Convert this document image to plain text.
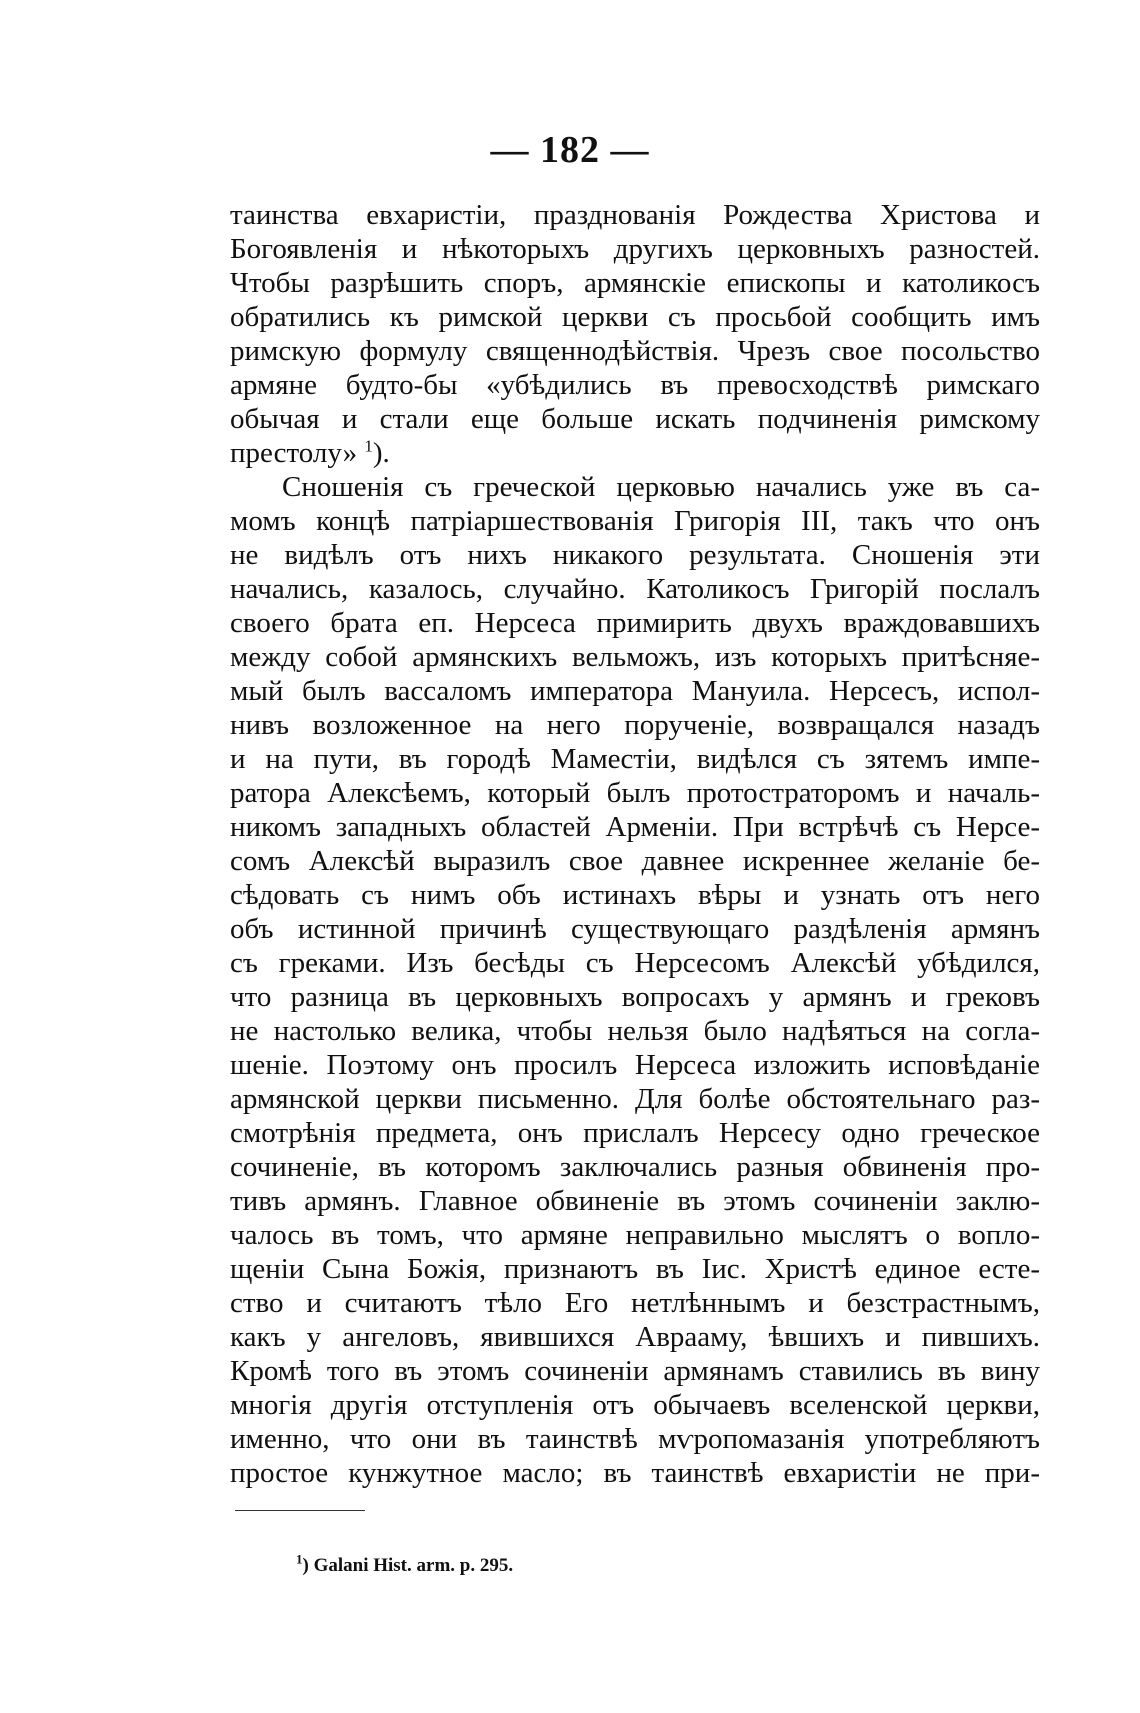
— 182 —
таинства евхаристіи, празднованія Рождества Христова и
Богоявленія и нѣкоторыхъ другихъ церковныхъ разностей.
Чтобы разрѣшить споръ, армянскіе епископы и католикосъ
обратились къ римской церкви съ просьбой сообщить имъ
римскую формулу священнодѣйствія. Чрезъ свое посольство
армяне будто-бы «убѣдились въ превосходствѣ римскаго
обычая и стали еще больше искать подчиненія римскому
престолу» $^1$).
Сношенія съ греческой церковью начались уже въ са-
момъ концѣ патріаршествованія Григорія III, такъ что онъ
не видѣлъ отъ нихъ никакого результата. Сношенія эти
начались, казалось, случайно. Католикосъ Григорій послалъ
своего брата еп. Нерсеса примирить двухъ враждовавшихъ
между собой армянскихъ вельможъ, изъ которыхъ притѣсняе-
мый былъ вассаломъ императора Мануила. Нерсесъ, испол-
нивъ возложенное на него порученіе, возвращался назадъ
и на пути, въ городѣ Мамеcтіи, видѣлся съ зятемъ импе-
ратора Алексѣемъ, который былъ протостраторомъ и началь-
никомъ западныхъ областей Арменіи. При встрѣчѣ съ Нерсе-
сомъ Алексѣй выразилъ свое давнее искреннее желаніе бе-
сѣдовать съ нимъ объ истинахъ вѣры и узнать отъ него
объ истинной причинѣ существующаго раздѣленія армянъ
съ греками. Изъ бесѣды съ Нерсесомъ Алексѣй убѣдился,
что разница въ церковныхъ вопросахъ у армянъ и грековъ
не настолько велика, чтобы нельзя было надѣяться на согла-
шеніе. Поэтому онъ просилъ Нерсеса изложить исповѣданіе
армянской церкви письменно. Для болѣе обстоятельнаго раз-
смотрѣнія предмета, онъ прислалъ Нерсесу одно греческое
сочиненіе, въ которомъ заключались разныя обвиненія про-
тивъ армянъ. Главное обвиненіе въ этомъ сочиненіи заклю-
чалось въ томъ, что армяне неправильно мыслятъ о вопло-
щеніи Сына Божія, признаютъ въ Іис. Христѣ единое есте-
ство и считаютъ тѣло Его нетлѣннымъ и безстрастнымъ,
какъ у ангеловъ, явившихся Аврааму, ѣвшихъ и пившихъ.
Кромѣ того въ этомъ сочиненіи армянамъ ставились въ вину
многія другія отступленія отъ обычаевъ вселенской церкви,
именно, что они въ таинствѣ мѵропомазанія употребляютъ
простое кунжутное масло; въ таинствѣ евхаристіи не при-
$^1$) Galani Hist. arm. p. 295.
